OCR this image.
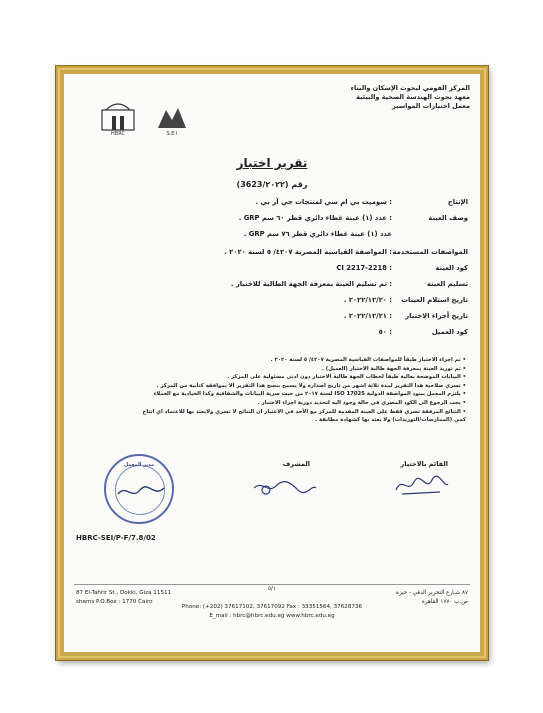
HBRC	S.E.I
المركز القومي لبحوث الإسكان والبناء
معهد بحوث الهندسة الصحية والبيئية
معمل اختبارات المواسير
تقرير اختبار
رقم (3623/٢٠٢٢)
الإنتاج
: سوميت بي ام سي لمنتجات جي آر بي .
وصف العينة
: عدد (١) عينة غطاء دائري قطر ٦٠ سم GRP .
عدد (١) عينة غطاء دائري قطر ٧٦ سم GRP .
المواصفات المستخدمة
: المواصفة القياسية المصرية ٤٢٠٧/ ٥ لسنة ٢٠٢٠ .
كود العينة
: CI 2217-2218
تسليم العينة
: تم تسليم العينة بمعرفة الجهة الطالبة للاختبار .
تاريخ استلام العينات
: ٢٠٢٢/١٢/٢٠ .
تاريخ أجراء الاختبار
: ٢٠٢٢/١٢/٢١ .
كود العميل
: ٥٠
• تم اجراء الاختبار طبقاً للمواصفات القياسية المصرية ٤٢٠٧/ ٥ لسنة ٢٠٢٠ .
• تم توريد العينة بمعرفة الجهة طالبة الاختبار (العميل) .
• البيانات الموضحة بعالية طبقاً لخطاب الجهة طالبة الاختبار دون ادنى مسئولية على المركز .
• تسري صلاحية هذا التقرير لمدة ثلاثة اشهر من تاريخ اصداره ولا يسمح بنسخ هذا التقرير الا بموافقه كتابية من المركز .
• يلتزم المعمل ببنود المواصفة الدولية ISO 17025 لسنة ٢٠١٧ من حيث سرية البيانات والشفافية وكذا الحيادية مع العملاء
• يجب الرجوع الى الكود المصري في حالة وجود اليه لتحديد دورية اجراء الاختبار .
• النتائج المرفقة تسري فقط على العينة المقدمة للمركز مع الأخذ في الاعتبار ان النتائج لا تسري ولايعتد بها للاعتماد اي انتاج
كمي (الممارسات/التوريدات) ولا يعتد بها كشهادة مطابقة .
القائم بالاختبار
المشرف
مدير المعمل
HBRC-SEI/P-F/7.8/02
87 El-Tahrir St., Dokki, Giza 11511
shams P.O.Box : 1770 Cairo
٥/١
Phone: (+202) 37617102, 37617092 Fax : 33351564, 37628736
E_mail : hbrc@hbrc.edu.eg www.hbrc.edu.eg
٨٧ شـارع التحرير الدقي - جيزة
ص.ب ١٧٧٠ القاهرة
